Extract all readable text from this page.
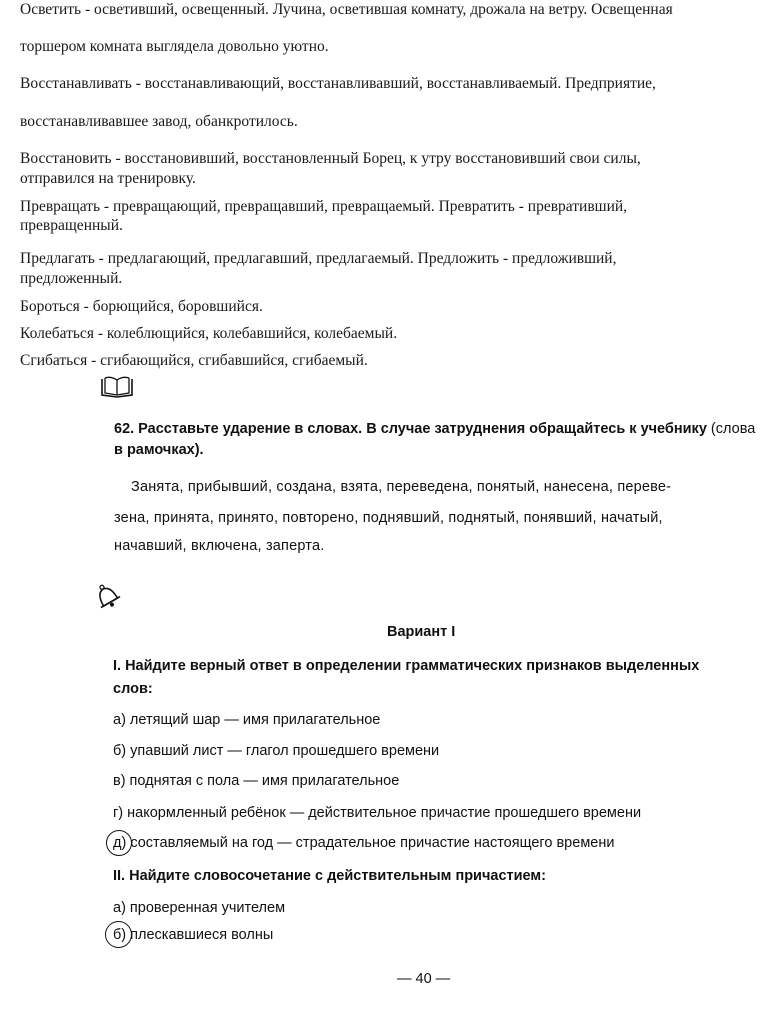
Осветить - осветивший, освещенный. Лучина, осветившая комнату, дрожала на ветру. Освещенная
торшером комната выглядела довольно уютно.
Восстанавливать - восстанавливающий, восстанавливавший, восстанавливаемый. Предприятие,
восстанавливавшее завод, обанкротилось.
Восстановить - восстановивший, восстановленный Борец, к утру восстановивший свои силы,
отправился на тренировку.
Превращать - превращающий, превращавший, превращаемый. Превратить - превративший,
превращенный.
Предлагать - предлагающий, предлагавший, предлагаемый. Предложить - предложивший,
предложенный.
Бороться - борющийся, боровшийся.
Колебаться - колеблющийся, колебавшийся, колебаемый.
Сгибаться - сгибающийся, сгибавшийся, сгибаемый.
62. Расставьте ударение в словах. В случае затруднения обращайтесь к учебнику (слова
в рамочках).
Занята, прибывший, создана, взята, переведена, понятый, нанесена, переве-
зена, принята, принято, повторено, поднявший, поднятый, понявший, начатый,
начавший, включена, заперта.
Вариант I
I. Найдите верный ответ в определении грамматических признаков выделенных
слов:
а) летящий шар — имя прилагательное
б) упавший лист — глагол прошедшего времени
в) поднятая с пола — имя прилагательное
г) накормленный ребёнок — действительное причастие прошедшего времени
д) составляемый на год — страдательное причастие настоящего времени
II. Найдите словосочетание с действительным причастием:
а) проверенная учителем
б) плескавшиеся волны
— 40 —
